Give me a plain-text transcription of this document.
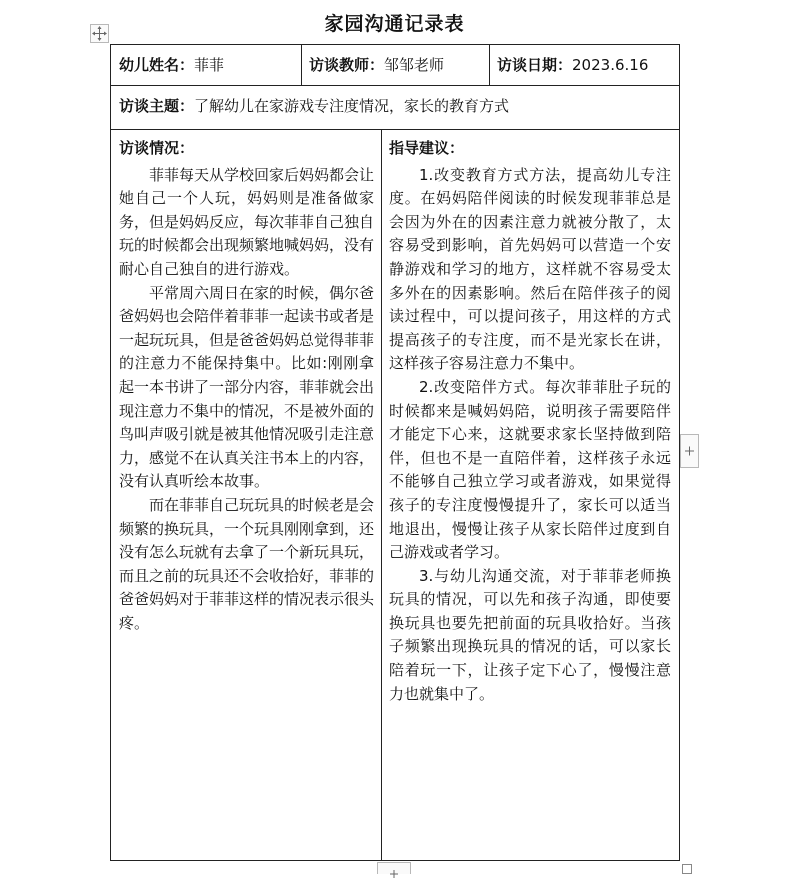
家园沟通记录表
幼儿姓名：菲菲	访谈教师：邹邹老师	访谈日期：2023.6.16
访谈主题：了解幼儿在家游戏专注度情况，家长的教育方式
访谈情况：

菲菲每天从学校回家后妈妈都会让她自己一个人玩，妈妈则是准备做家务，但是妈妈反应，每次菲菲自己独自玩的时候都会出现频繁地喊妈妈，没有耐心自己独自的进行游戏。

平常周六周日在家的时候，偶尔爸爸妈妈也会陪伴着菲菲一起读书或者是一起玩玩具，但是爸爸妈妈总觉得菲菲的注意力不能保持集中。比如:刚刚拿起一本书讲了一部分内容，菲菲就会出现注意力不集中的情况，不是被外面的鸟叫声吸引就是被其他情况吸引走注意力，感觉不在认真关注书本上的内容，没有认真听绘本故事。

而在菲菲自己玩玩具的时候老是会频繁的换玩具，一个玩具刚刚拿到，还没有怎么玩就有去拿了一个新玩具玩，而且之前的玩具还不会收拾好，菲菲的爸爸妈妈对于菲菲这样的情况表示很头疼。

指导建议：

1.改变教育方式方法，提高幼儿专注度。在妈妈陪伴阅读的时候发现菲菲总是会因为外在的因素注意力就被分散了，太容易受到影响，首先妈妈可以营造一个安静游戏和学习的地方，这样就不容易受太多外在的因素影响。然后在陪伴孩子的阅读过程中，可以提问孩子，用这样的方式提高孩子的专注度，而不是光家长在讲，这样孩子容易注意力不集中。

2.改变陪伴方式。每次菲菲肚子玩的时候都来是喊妈妈陪，说明孩子需要陪伴才能定下心来，这就要求家长坚持做到陪伴，但也不是一直陪伴着，这样孩子永远不能够自己独立学习或者游戏，如果觉得孩子的专注度慢慢提升了，家长可以适当地退出，慢慢让孩子从家长陪伴过度到自己游戏或者学习。

3.与幼儿沟通交流，对于菲菲老师换玩具的情况，可以先和孩子沟通，即使要换玩具也要先把前面的玩具收拾好。当孩子频繁出现换玩具的情况的话，可以家长陪着玩一下，让孩子定下心了，慢慢注意力也就集中了。
